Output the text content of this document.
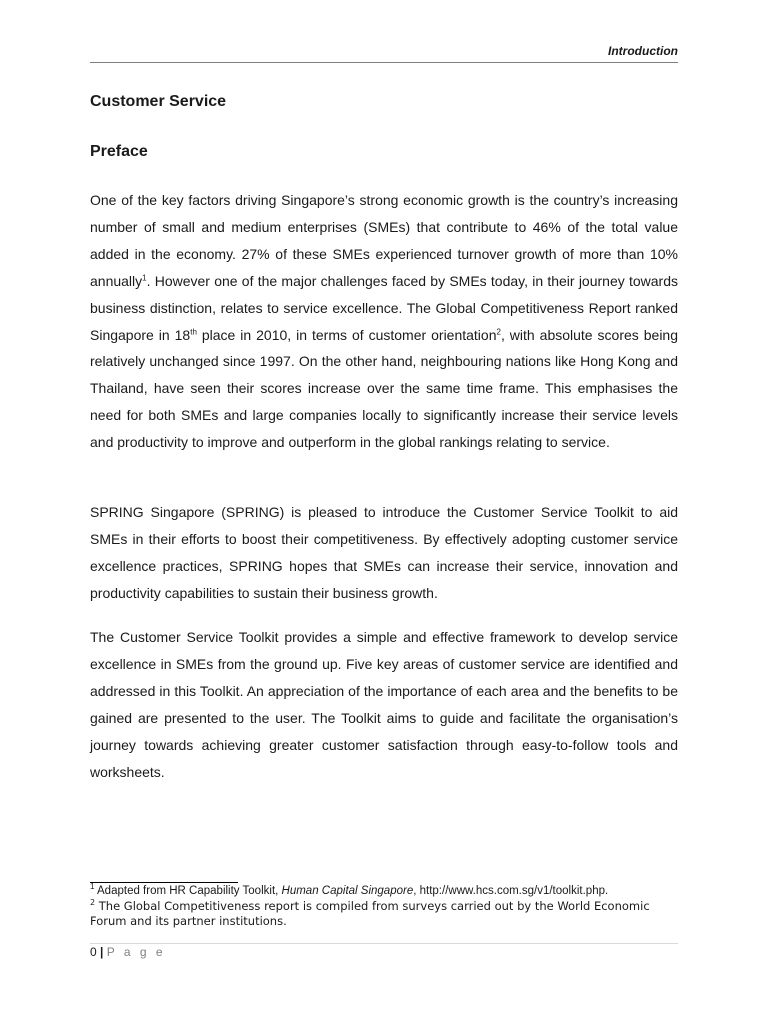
Introduction
Customer Service
Preface

One of the key factors driving Singapore’s strong economic growth is the country’s increasing number of small and medium enterprises (SMEs) that contribute to 46% of the total value added in the economy. 27% of these SMEs experienced turnover growth of more than 10% annually$^1$. However one of the major challenges faced by SMEs today, in their journey towards business distinction, relates to service excellence. The Global Competitiveness Report ranked Singapore in 18th place in 2010, in terms of customer orientation$^2$, with absolute scores being relatively unchanged since 1997. On the other hand, neighbouring nations like Hong Kong and Thailand, have seen their scores increase over the same time frame. This emphasises the need for both SMEs and large companies locally to significantly increase their service levels and productivity to improve and outperform in the global rankings relating to service.

SPRING Singapore (SPRING) is pleased to introduce the Customer Service Toolkit to aid SMEs in their efforts to boost their competitiveness. By effectively adopting customer service excellence practices, SPRING hopes that SMEs can increase their service, innovation and productivity capabilities to sustain their business growth.

The Customer Service Toolkit provides a simple and effective framework to develop service excellence in SMEs from the ground up. Five key areas of customer service are identified and addressed in this Toolkit. An appreciation of the importance of each area and the benefits to be gained are presented to the user. The Toolkit aims to guide and facilitate the organisation’s journey towards achieving greater customer satisfaction through easy-to-follow tools and worksheets.

$^1$ Adapted from HR Capability Toolkit, Human Capital Singapore, http://www.hcs.com.sg/v1/toolkit.php.

$^2$ The Global Competitiveness report is compiled from surveys carried out by the World Economic Forum and its partner institutions.

0 | P a g e
